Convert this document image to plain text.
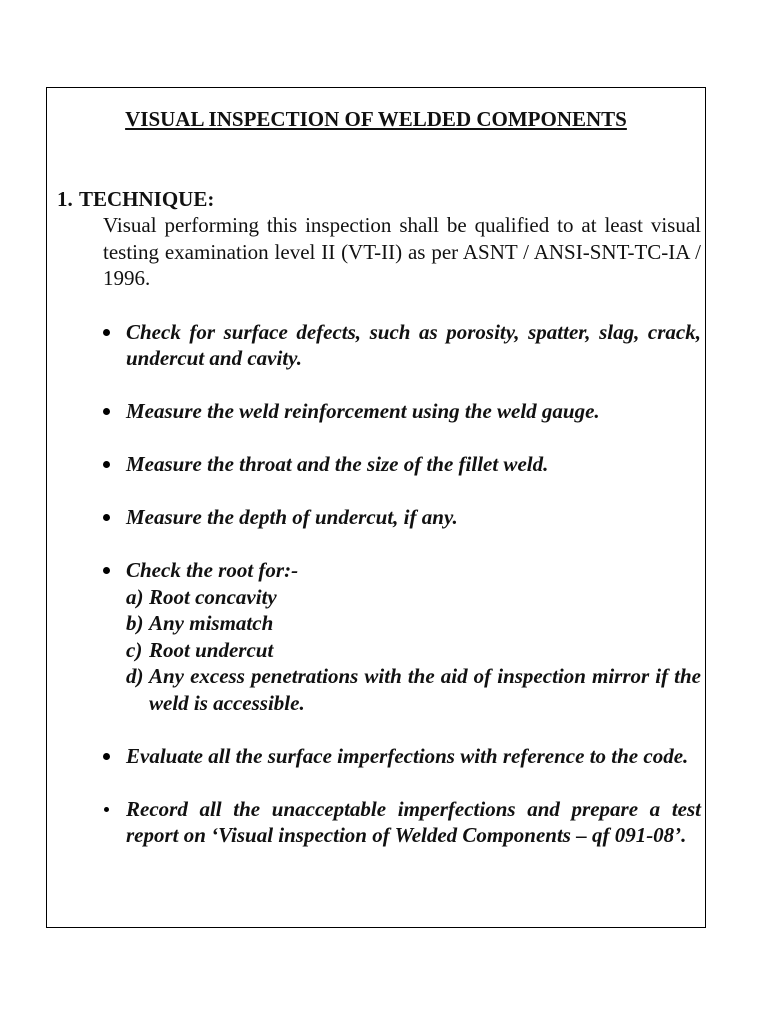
VISUAL INSPECTION OF WELDED COMPONENTS
1. TECHNIQUE:

Visual performing this inspection shall be qualified to at least visual testing examination level II (VT-II) as per ASNT / ANSI-SNT-TC-IA / 1996.

Check for surface defects, such as porosity, spatter, slag, crack, undercut and cavity.
Measure the weld reinforcement using the weld gauge.
Measure the throat and the size of the fillet weld.
Measure the depth of undercut, if any.
Check the root for:-
a) Root concavity
b) Any mismatch
c) Root undercut
d) Any excess penetrations with the aid of inspection mirror if the weld is accessible.
Evaluate all the surface imperfections with reference to the code.
Record all the unacceptable imperfections and prepare a test report on ‘Visual inspection of Welded Components – qf 091-08’.
